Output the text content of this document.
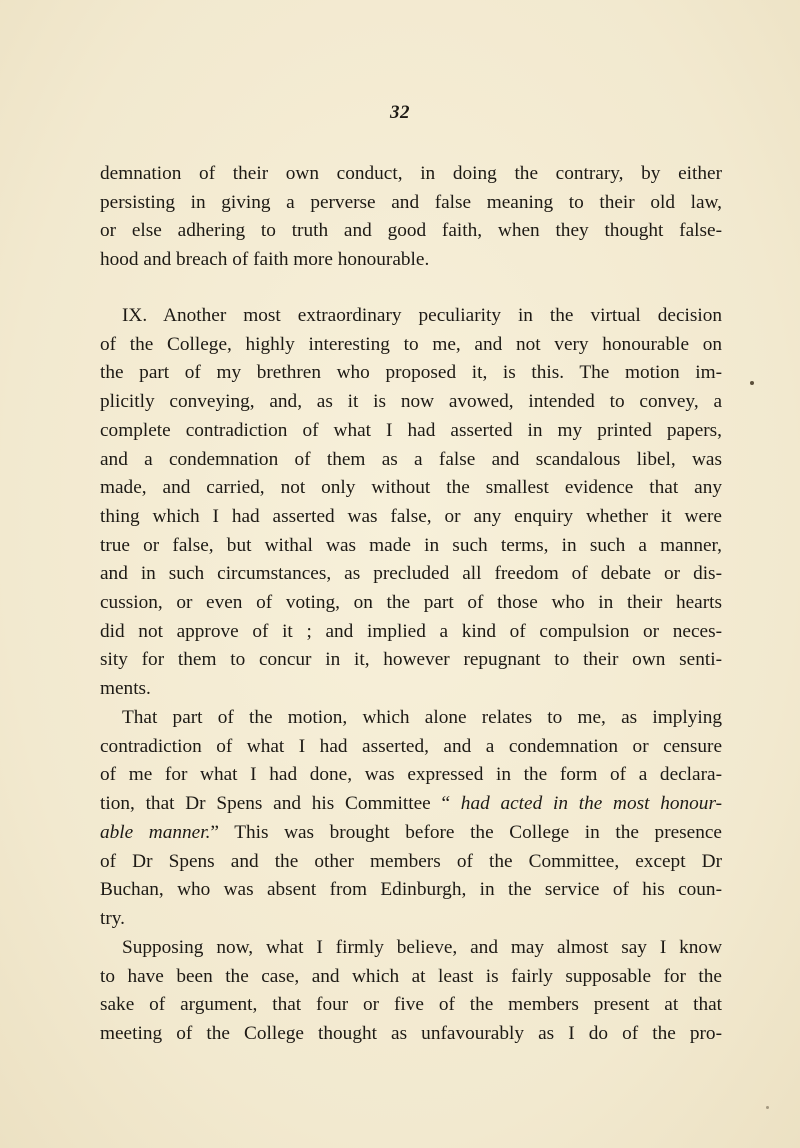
32
demnation of their own conduct, in doing the contrary, by either
persisting in giving a perverse and false meaning to their old law,
or else adhering to truth and good faith, when they thought false-
hood and breach of faith more honourable.
IX. Another most extraordinary peculiarity in the virtual decision
of the College, highly interesting to me, and not very honourable on
the part of my brethren who proposed it, is this. The motion im-
plicitly conveying, and, as it is now avowed, intended to convey, a
complete contradiction of what I had asserted in my printed papers,
and a condemnation of them as a false and scandalous libel, was
made, and carried, not only without the smallest evidence that any
thing which I had asserted was false, or any enquiry whether it were
true or false, but withal was made in such terms, in such a manner,
and in such circumstances, as precluded all freedom of debate or dis-
cussion, or even of voting, on the part of those who in their hearts
did not approve of it ; and implied a kind of compulsion or neces-
sity for them to concur in it, however repugnant to their own senti-
ments.
That part of the motion, which alone relates to me, as implying
contradiction of what I had asserted, and a condemnation or censure
of me for what I had done, was expressed in the form of a declara-
tion, that Dr Spens and his Committee “ had acted in the most honour-
able manner.” This was brought before the College in the presence
of Dr Spens and the other members of the Committee, except Dr
Buchan, who was absent from Edinburgh, in the service of his coun-
try.
Supposing now, what I firmly believe, and may almost say I know
to have been the case, and which at least is fairly supposable for the
sake of argument, that four or five of the members present at that
meeting of the College thought as unfavourably as I do of the pro-
